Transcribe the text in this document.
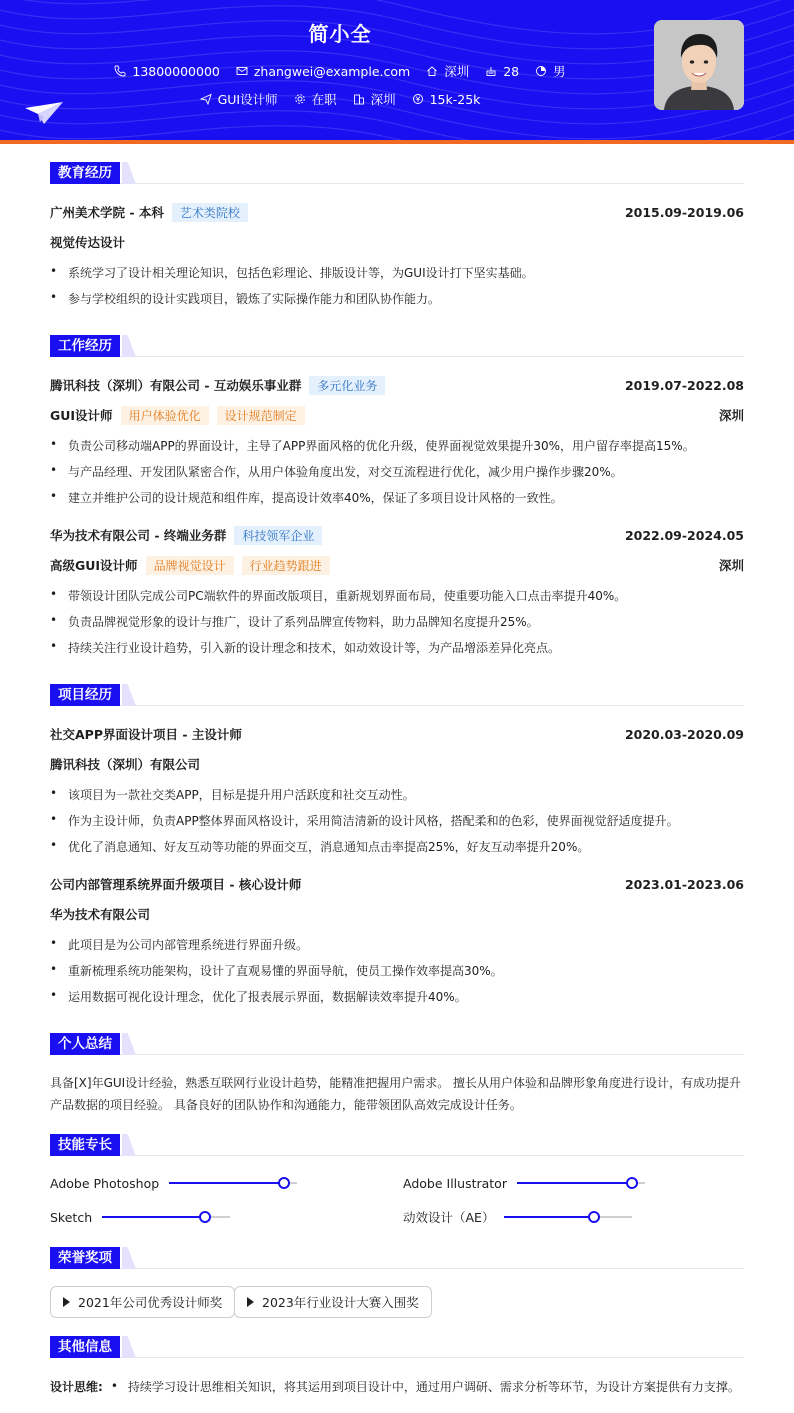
简小全
13800000000
	zhangwei@example.com
	深圳
	28
	男
GUI设计师
	在职
	深圳
	15k-25k
教育经历
广州美术学院 - 本科	艺术类院校	2015.09-2019.06
视觉传达设计
• 系统学习了设计相关理论知识，包括色彩理论、排版设计等，为GUI设计打下坚实基础。
• 参与学校组织的设计实践项目，锻炼了实际操作能力和团队协作能力。
工作经历
腾讯科技（深圳）有限公司 - 互动娱乐事业群	多元化业务	2019.07-2022.08
GUI设计师	用户体验优化	设计规范制定	深圳
• 负责公司移动端APP的界面设计，主导了APP界面风格的优化升级，使界面视觉效果提升30%，用户留存率提高15%。
• 与产品经理、开发团队紧密合作，从用户体验角度出发，对交互流程进行优化，减少用户操作步骤20%。
• 建立并维护公司的设计规范和组件库，提高设计效率40%，保证了多项目设计风格的一致性。
华为技术有限公司 - 终端业务群	科技领军企业	2022.09-2024.05
高级GUI设计师	品牌视觉设计	行业趋势跟进	深圳
• 带领设计团队完成公司PC端软件的界面改版项目，重新规划界面布局，使重要功能入口点击率提升40%。
• 负责品牌视觉形象的设计与推广，设计了系列品牌宣传物料，助力品牌知名度提升25%。
• 持续关注行业设计趋势，引入新的设计理念和技术，如动效设计等，为产品增添差异化亮点。
项目经历
社交APP界面设计项目 - 主设计师	2020.03-2020.09
腾讯科技（深圳）有限公司
• 该项目为一款社交类APP，目标是提升用户活跃度和社交互动性。
• 作为主设计师，负责APP整体界面风格设计，采用简洁清新的设计风格，搭配柔和的色彩，使界面视觉舒适度提升。
• 优化了消息通知、好友互动等功能的界面交互，消息通知点击率提高25%，好友互动率提升20%。
公司内部管理系统界面升级项目 - 核心设计师	2023.01-2023.06
华为技术有限公司
• 此项目是为公司内部管理系统进行界面升级。
• 重新梳理系统功能架构，设计了直观易懂的界面导航，使员工操作效率提高30%。
• 运用数据可视化设计理念，优化了报表展示界面，数据解读效率提升40%。
个人总结
具备[X]年GUI设计经验，熟悉互联网行业设计趋势，能精准把握用户需求。 擅长从用户体验和品牌形象角度进行设计，有成功提升
产品数据的项目经验。 具备良好的团队协作和沟通能力，能带领团队高效完成设计任务。
技能专长
Adobe Photoshop	Adobe Illustrator
Sketch	动效设计（AE）
荣誉奖项
2021年公司优秀设计师奖	2023年行业设计大赛入围奖
其他信息
设计思维: • 持续学习设计思维相关知识，将其运用到项目设计中，通过用户调研、需求分析等环节，为设计方案提供有力支撑。
